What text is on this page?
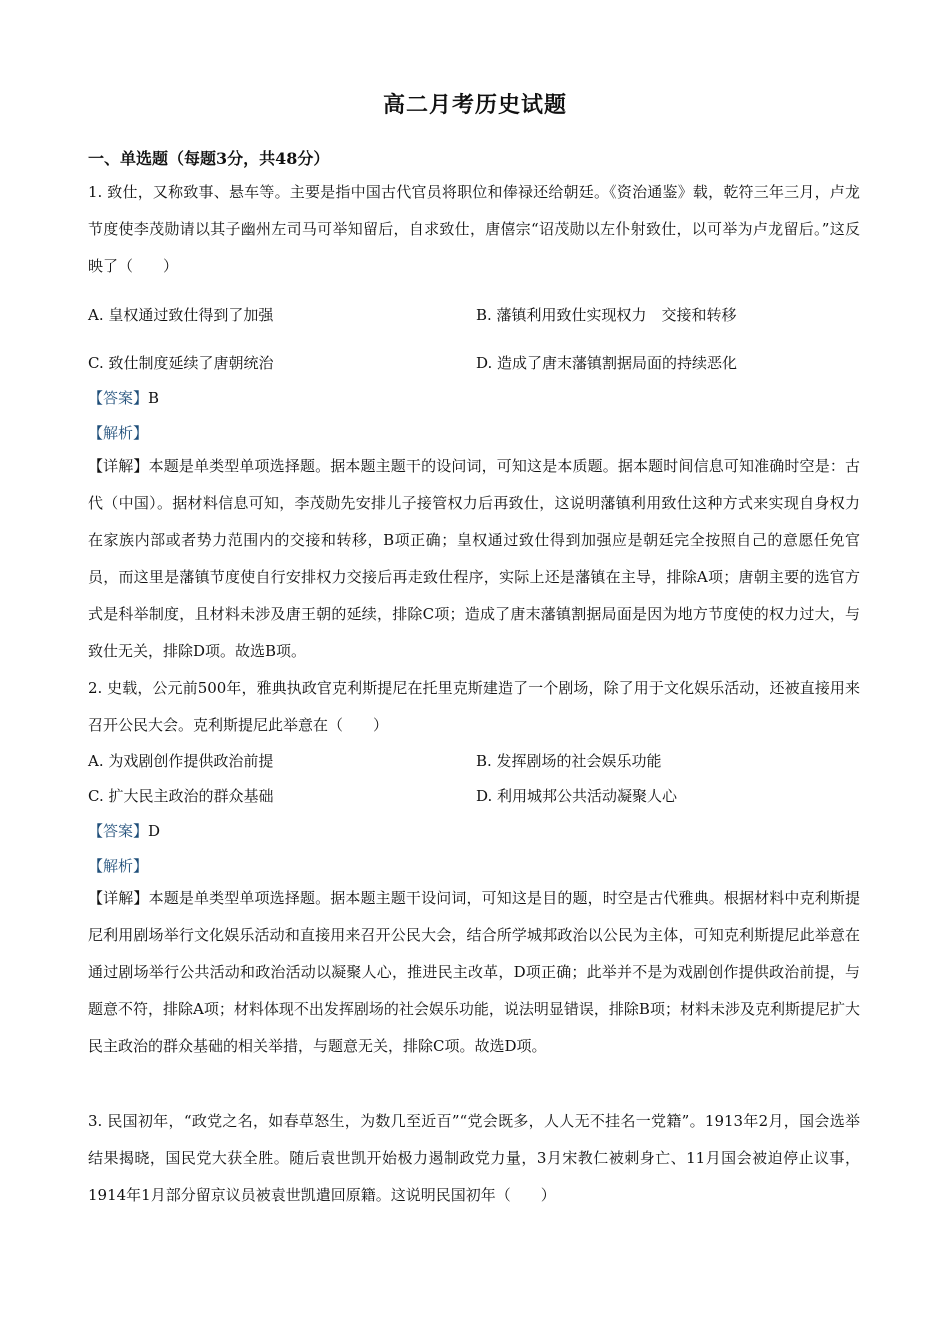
高二月考历史试题
一、单选题（每题3分，共48分）

1. 致仕，又称致事、悬车等。主要是指中国古代官员将职位和俸禄还给朝廷。《资治通鉴》载，乾符三年三月，卢龙节度使李茂勋请以其子幽州左司马可举知留后，自求致仕，唐僖宗“诏茂勋以左仆射致仕，以可举为卢龙留后。”这反映了（　　）

A. 皇权通过致仕得到了加强	B. 藩镇利用致仕实现权力　交接和转移
C. 致仕制度延续了唐朝统治	D. 造成了唐末藩镇割据局面的持续恶化
【答案】B
【解析】

【详解】本题是单类型单项选择题。据本题主题干的设问词，可知这是本质题。据本题时间信息可知准确时空是：古代（中国）。据材料信息可知，李茂勋先安排儿子接管权力后再致仕，这说明藩镇利用致仕这种方式来实现自身权力在家族内部或者势力范围内的交接和转移，B项正确；皇权通过致仕得到加强应是朝廷完全按照自己的意愿任免官员，而这里是藩镇节度使自行安排权力交接后再走致仕程序，实际上还是藩镇在主导，排除A项；唐朝主要的选官方式是科举制度，且材料未涉及唐王朝的延续，排除C项；造成了唐末藩镇割据局面是因为地方节度使的权力过大，与致仕无关，排除D项。故选B项。

2. 史载，公元前500年，雅典执政官克利斯提尼在托里克斯建造了一个剧场，除了用于文化娱乐活动，还被直接用来召开公民大会。克利斯提尼此举意在（　　）

A. 为戏剧创作提供政治前提	B. 发挥剧场的社会娱乐功能
C. 扩大民主政治的群众基础	D. 利用城邦公共活动凝聚人心
【答案】D
【解析】

【详解】本题是单类型单项选择题。据本题主题干设问词，可知这是目的题，时空是古代雅典。根据材料中克利斯提尼利用剧场举行文化娱乐活动和直接用来召开公民大会，结合所学城邦政治以公民为主体，可知克利斯提尼此举意在通过剧场举行公共活动和政治活动以凝聚人心，推进民主改革，D项正确；此举并不是为戏剧创作提供政治前提，与题意不符，排除A项；材料体现不出发挥剧场的社会娱乐功能，说法明显错误，排除B项；材料未涉及克利斯提尼扩大民主政治的群众基础的相关举措，与题意无关，排除C项。故选D项。

3. 民国初年，“政党之名，如春草怒生，为数几至近百”“党会既多，人人无不挂名一党籍”。1913年2月，国会选举结果揭晓，国民党大获全胜。随后袁世凯开始极力遏制政党力量，3月宋教仁被刺身亡、11月国会被迫停止议事，1914年1月部分留京议员被袁世凯遣回原籍。这说明民国初年（　　）
